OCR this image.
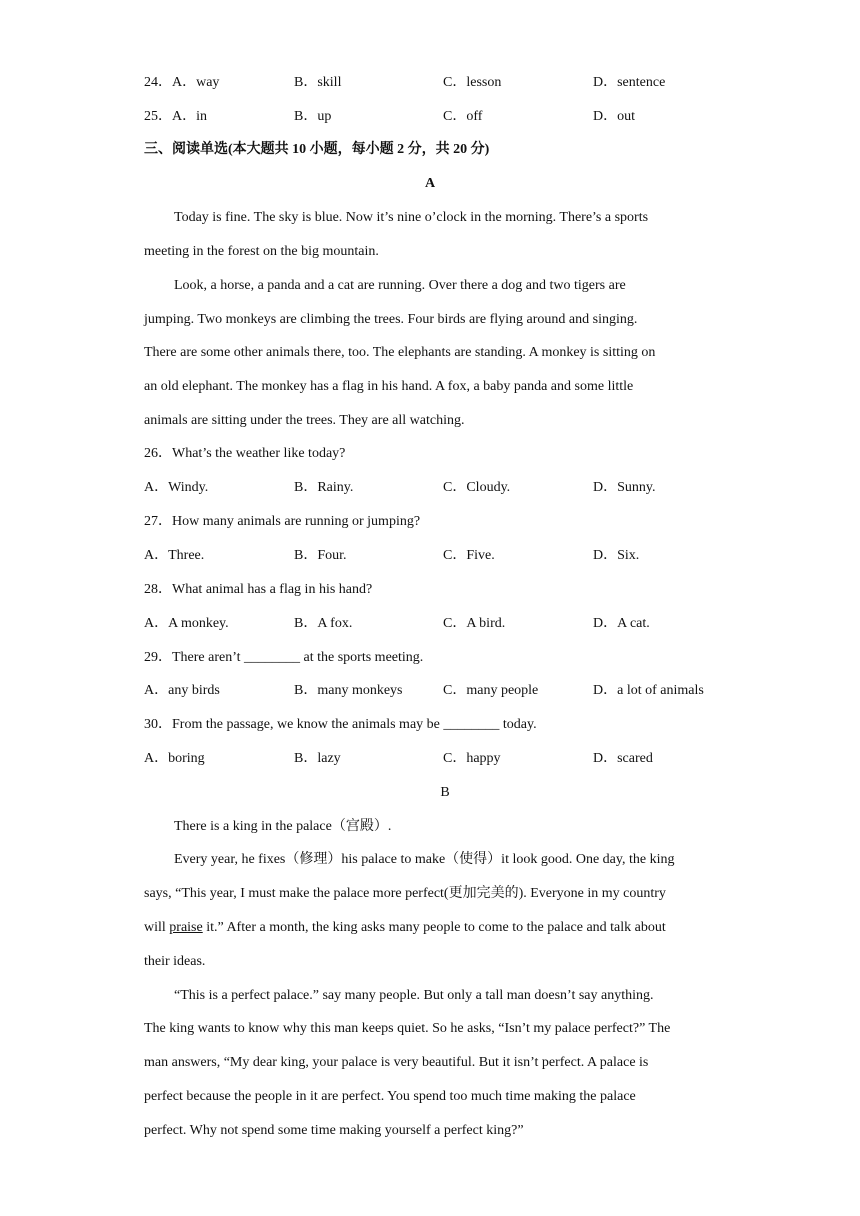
24．A．way	B．skill	C．lesson	D．sentence
25．A．in	B．up	C．off	D．out
三、阅读单选(本大题共 10 小题，每小题 2 分，共 20 分)
A
Today is fine. The sky is blue. Now it’s nine o’clock in the morning. There’s a sports
meeting in the forest on the big mountain.
Look, a horse, a panda and a cat are running. Over there a dog and two tigers are
jumping. Two monkeys are climbing the trees. Four birds are flying around and singing.
There are some other animals there, too. The elephants are standing. A monkey is sitting on
an old elephant. The monkey has a flag in his hand. A fox, a baby panda and some little
animals are sitting under the trees. They are all watching.
26．What’s the weather like today?
A．Windy.	B．Rainy.	C．Cloudy.	D．Sunny.
27．How many animals are running or jumping?
A．Three.	B．Four.	C．Five.	D．Six.
28．What animal has a flag in his hand?
A．A monkey.	B．A fox.	C．A bird.	D．A cat.
29．There aren’t ________ at the sports meeting.
A．any birds	B．many monkeys	C．many people	D．a lot of animals
30．From the passage, we know the animals may be ________ today.
A．boring	B．lazy	C．happy	D．scared
B
There is a king in the palace（宫殿）.
Every year, he fixes（修理）his palace to make（使得）it look good. One day, the king
says, “This year, I must make the palace more perfect(更加完美的). Everyone in my country
will praise it.” After a month, the king asks many people to come to the palace and talk about
their ideas.
“This is a perfect palace.” say many people. But only a tall man doesn’t say anything.
The king wants to know why this man keeps quiet. So he asks, “Isn’t my palace perfect?” The
man answers, “My dear king, your palace is very beautiful. But it isn’t perfect. A palace is
perfect because the people in it are perfect. You spend too much time making the palace
perfect. Why not spend some time making yourself a perfect king?”
